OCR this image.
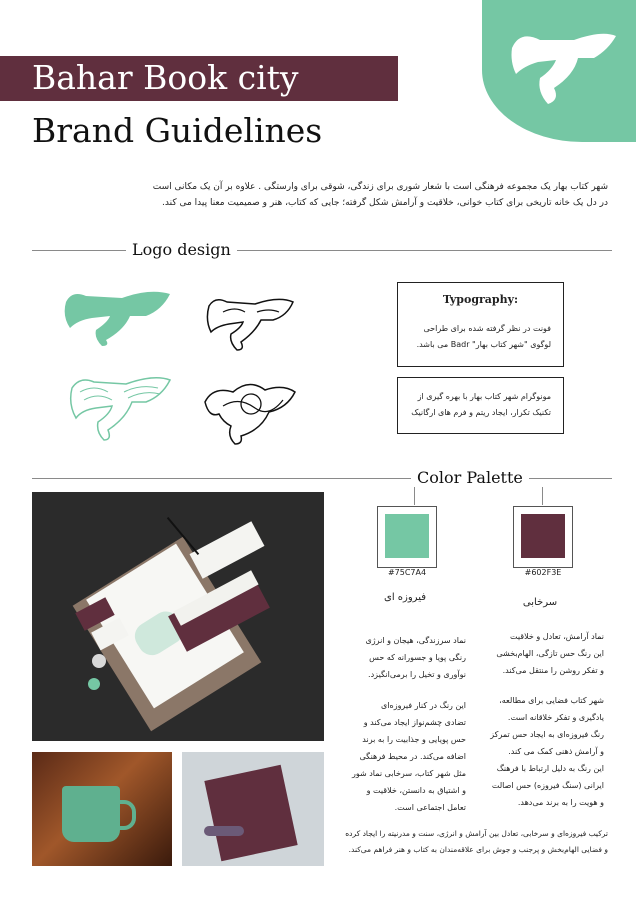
Bahar Book city
Brand Guidelines
شهر کتاب بهار یک مجموعه فرهنگی است با شعار شوری برای زندگی، شوقی برای وارستگی . علاوه بر آن یک مکانی است
در دل یک خانه تاریخی برای کتاب خوانی، خلاقیت و آرامش شکل گرفته؛ جایی که کتاب، هنر و صمیمیت معنا پیدا می کند.
Logo design
Typography:
فونت در نظر گرفته شده برای طراحی
لوگوی "شهر کتاب بهار" Badr می باشد.
مونوگرام شهر کتاب بهار با بهره گیری از
تکنیک تکرار، ایجاد ریتم و فرم های ارگانیک
Color Palette
#75C7A4	#602F3E
فیروزه ای	سرخابی
نماد سرزندگی، هیجان و انرژی
رنگی پویا و جسورانه که حس
نوآوری و تخیل را برمی‌انگیزد.
این رنگ در کنار فیروزه‌ای
تضادی چشم‌نواز ایجاد می‌کند و
حس پویایی و جذابیت را به برند
اضافه می‌کند. در محیط فرهنگی
مثل شهر کتاب، سرخابی نماد شور
و اشتیاق به دانستن، خلاقیت و
تعامل اجتماعی است.
نماد آرامش، تعادل و خلاقیت
این رنگ حس تازگی، الهام‌بخشی
و تفکر روشن را منتقل می‌کند.
شهر کتاب فضایی برای مطالعه،
یادگیری و تفکر خلاقانه است.
رنگ فیروزه‌ای به ایجاد حس تمرکز
و آرامش ذهنی کمک می کند.
این رنگ به دلیل ارتباط با فرهنگ
ایرانی (سنگ فیروزه) حس اصالت
و هویت را به برند می‌دهد.
ترکیب فیروزه‌ای و سرخابی، تعادل بین آرامش و انرژی، سنت و مدرنیته را ایجاد کرده
و فضایی الهام‌بخش و پرجنب و جوش برای علاقه‌مندان به کتاب و هنر فراهم می‌کند.
